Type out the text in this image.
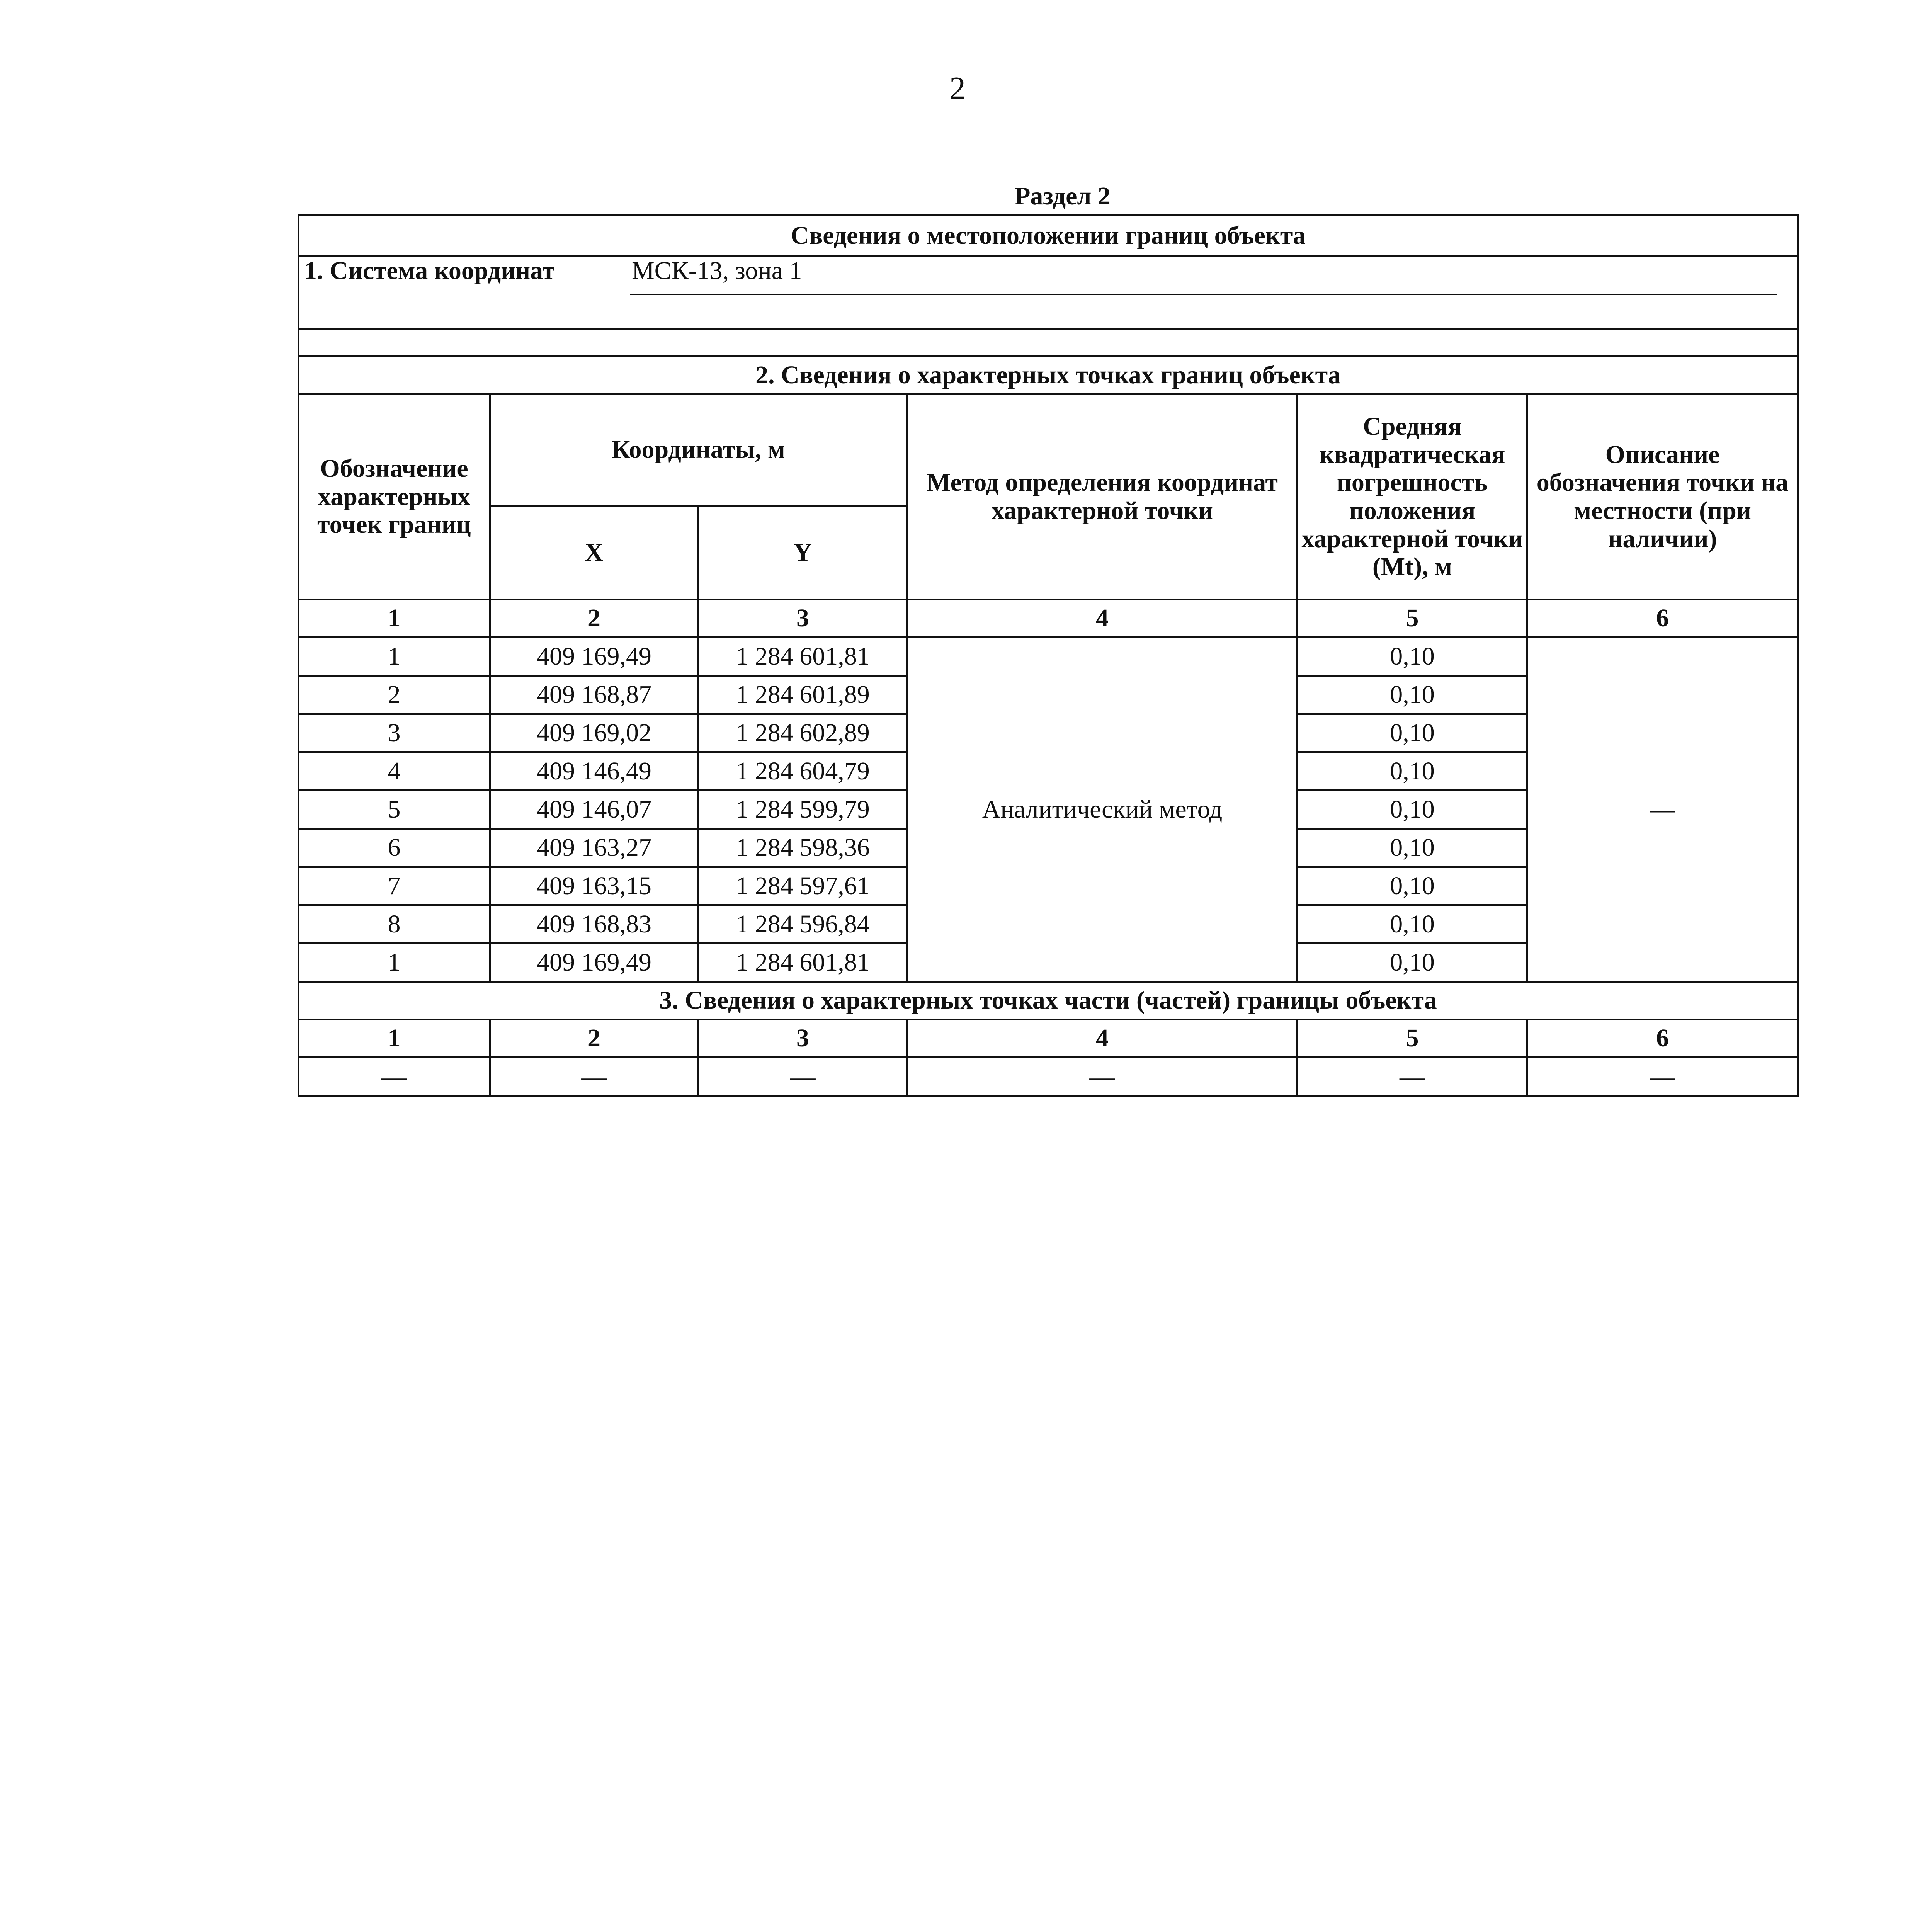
2
Раздел 2
Сведения о местоположении границ объекта					

1. Система координат МСК-13, зона 1					

2. Сведения о характерных точках границ объекта					
Обозначение характерных точек границ	Координаты, м		Метод определения координат характерной точки	Средняя квадратическая погрешность положения характерной точки (Mt), м	Описание обозначения точки на местности (при наличии)
	X	Y			
1	2	3	4	5	6
1	409 169,49	1 284 601,81	Аналитический метод	0,10	—
2	409 168,87	1 284 601,89		0,10	
3	409 169,02	1 284 602,89		0,10	
4	409 146,49	1 284 604,79		0,10	
5	409 146,07	1 284 599,79		0,10	
6	409 163,27	1 284 598,36		0,10	
7	409 163,15	1 284 597,61		0,10	
8	409 168,83	1 284 596,84		0,10	
1	409 169,49	1 284 601,81		0,10	
3. Сведения о характерных точках части (частей) границы объекта					
1	2	3	4	5	6
—	—	—	—	—	—
